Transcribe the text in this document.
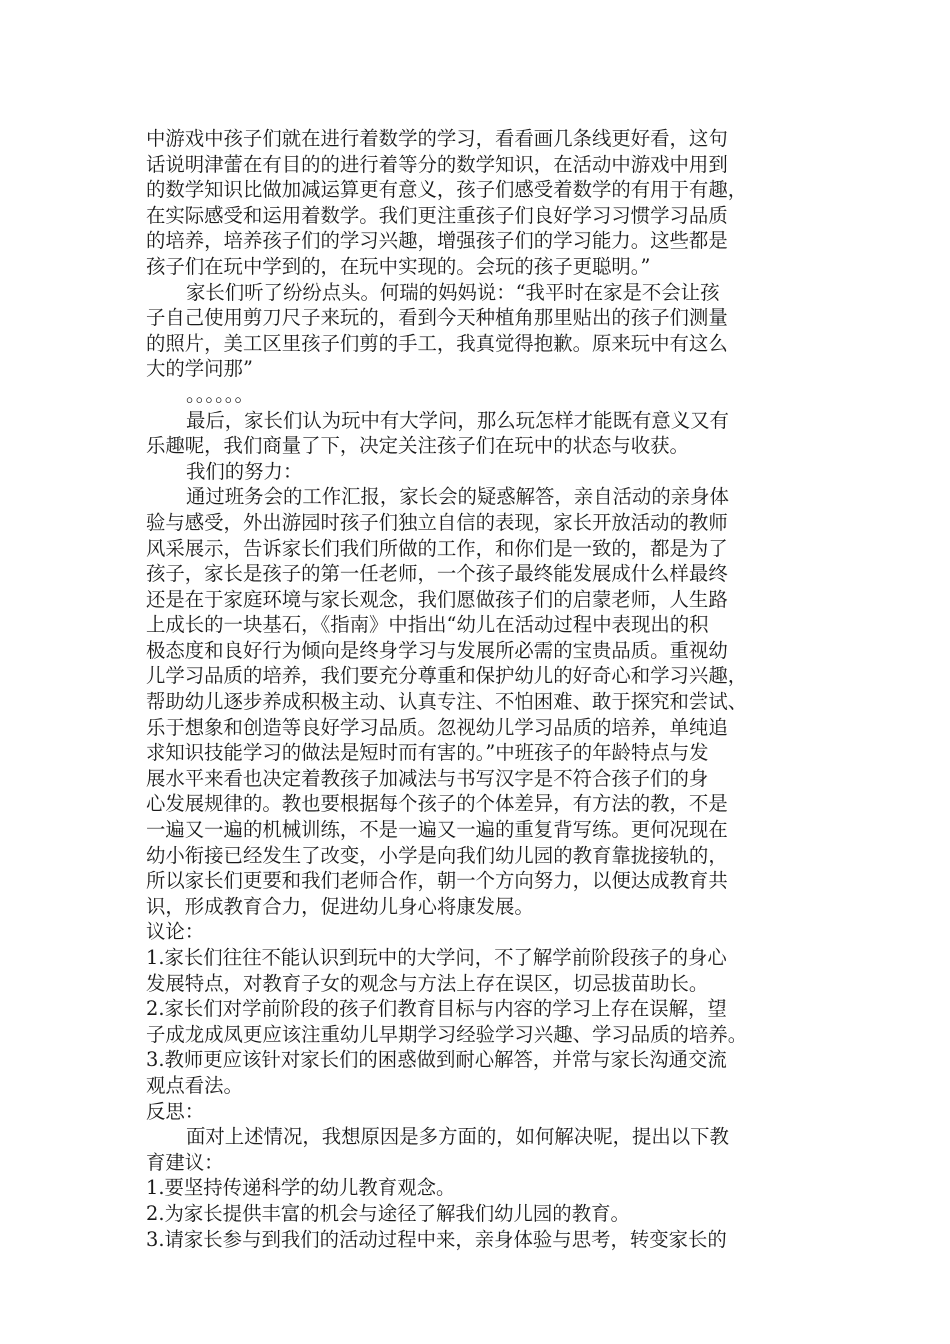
中游戏中孩子们就在进行着数学的学习，看看画几条线更好看，这句
话说明津蕾在有目的的进行着等分的数学知识，在活动中游戏中用到
的数学知识比做加减运算更有意义，孩子们感受着数学的有用于有趣，
在实际感受和运用着数学。我们更注重孩子们良好学习习惯学习品质
的培养，培养孩子们的学习兴趣，增强孩子们的学习能力。这些都是
孩子们在玩中学到的，在玩中实现的。会玩的孩子更聪明。”
家长们听了纷纷点头。何瑞的妈妈说：“我平时在家是不会让孩
子自己使用剪刀尺子来玩的，看到今天种植角那里贴出的孩子们测量
的照片，美工区里孩子们剪的手工，我真觉得抱歉。原来玩中有这么
大的学问那”
。。。。。。
最后，家长们认为玩中有大学问，那么玩怎样才能既有意义又有
乐趣呢，我们商量了下，决定关注孩子们在玩中的状态与收获。
我们的努力：
通过班务会的工作汇报，家长会的疑惑解答，亲自活动的亲身体
验与感受，外出游园时孩子们独立自信的表现，家长开放活动的教师
风采展示，告诉家长们我们所做的工作，和你们是一致的，都是为了
孩子，家长是孩子的第一任老师，一个孩子最终能发展成什么样最终
还是在于家庭环境与家长观念，我们愿做孩子们的启蒙老师，人生路
上成长的一块基石，《指南》中指出“幼儿在活动过程中表现出的积
极态度和良好行为倾向是终身学习与发展所必需的宝贵品质。重视幼
儿学习品质的培养，我们要充分尊重和保护幼儿的好奇心和学习兴趣，
帮助幼儿逐步养成积极主动、认真专注、不怕困难、敢于探究和尝试、
乐于想象和创造等良好学习品质。忽视幼儿学习品质的培养，单纯追
求知识技能学习的做法是短时而有害的。”中班孩子的年龄特点与发
展水平来看也决定着教孩子加减法与书写汉字是不符合孩子们的身
心发展规律的。教也要根据每个孩子的个体差异，有方法的教，不是
一遍又一遍的机械训练，不是一遍又一遍的重复背写练。更何况现在
幼小衔接已经发生了改变，小学是向我们幼儿园的教育靠拢接轨的，
所以家长们更要和我们老师合作，朝一个方向努力，以便达成教育共
识，形成教育合力，促进幼儿身心将康发展。
议论：
1.家长们往往不能认识到玩中的大学问，不了解学前阶段孩子的身心
发展特点，对教育子女的观念与方法上存在误区，切忌拔苗助长。
2.家长们对学前阶段的孩子们教育目标与内容的学习上存在误解，望
子成龙成凤更应该注重幼儿早期学习经验学习兴趣、学习品质的培养。
3.教师更应该针对家长们的困惑做到耐心解答，并常与家长沟通交流
观点看法。
反思：
面对上述情况，我想原因是多方面的，如何解决呢，提出以下教
育建议：
1.要坚持传递科学的幼儿教育观念。
2.为家长提供丰富的机会与途径了解我们幼儿园的教育。
3.请家长参与到我们的活动过程中来，亲身体验与思考，转变家长的
